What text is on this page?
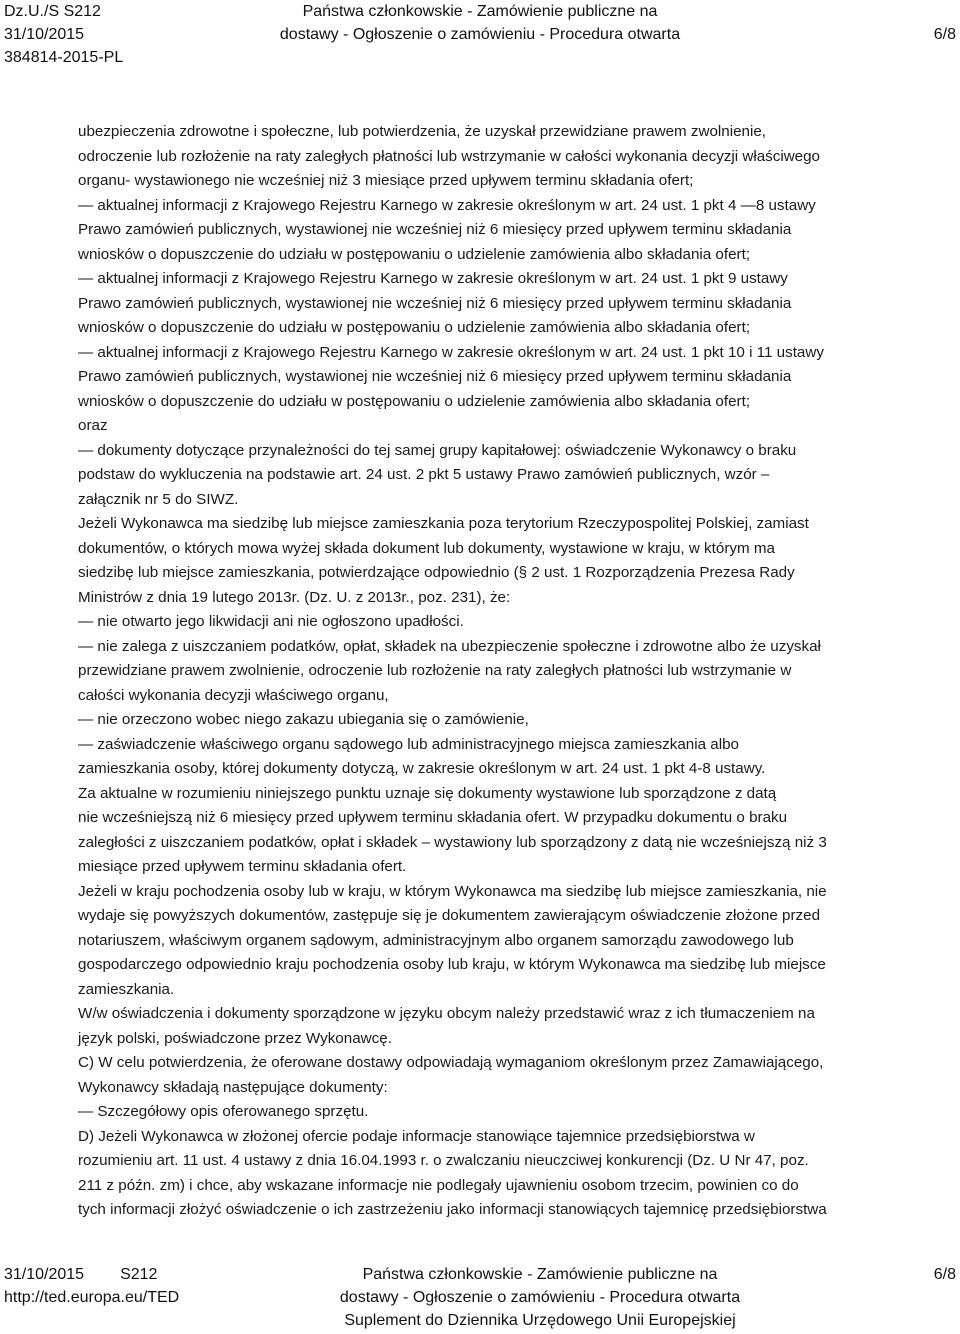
Dz.U./S S212
31/10/2015
384814-2015-PL
Państwa członkowskie - Zamówienie publiczne na
dostawy - Ogłoszenie o zamówieniu - Procedura otwarta	6/8
ubezpieczenia zdrowotne i społeczne, lub potwierdzenia, że uzyskał przewidziane prawem zwolnienie,
odroczenie lub rozłożenie na raty zaległych płatności lub wstrzymanie w całości wykonania decyzji właściwego
organu- wystawionego nie wcześniej niż 3 miesiące przed upływem terminu składania ofert;
— aktualnej informacji z Krajowego Rejestru Karnego w zakresie określonym w art. 24 ust. 1 pkt 4 —8 ustawy
Prawo zamówień publicznych, wystawionej nie wcześniej niż 6 miesięcy przed upływem terminu składania
wniosków o dopuszczenie do udziału w postępowaniu o udzielenie zamówienia albo składania ofert;
— aktualnej informacji z Krajowego Rejestru Karnego w zakresie określonym w art. 24 ust. 1 pkt 9 ustawy
Prawo zamówień publicznych, wystawionej nie wcześniej niż 6 miesięcy przed upływem terminu składania
wniosków o dopuszczenie do udziału w postępowaniu o udzielenie zamówienia albo składania ofert;
— aktualnej informacji z Krajowego Rejestru Karnego w zakresie określonym w art. 24 ust. 1 pkt 10 i 11 ustawy
Prawo zamówień publicznych, wystawionej nie wcześniej niż 6 miesięcy przed upływem terminu składania
wniosków o dopuszczenie do udziału w postępowaniu o udzielenie zamówienia albo składania ofert;
oraz
— dokumenty dotyczące przynależności do tej samej grupy kapitałowej: oświadczenie Wykonawcy o braku
podstaw do wykluczenia na podstawie art. 24 ust. 2 pkt 5 ustawy Prawo zamówień publicznych, wzór –
załącznik nr 5 do SIWZ.
Jeżeli Wykonawca ma siedzibę lub miejsce zamieszkania poza terytorium Rzeczypospolitej Polskiej, zamiast
dokumentów, o których mowa wyżej składa dokument lub dokumenty, wystawione w kraju, w którym ma
siedzibę lub miejsce zamieszkania, potwierdzające odpowiednio (§ 2 ust. 1 Rozporządzenia Prezesa Rady
Ministrów z dnia 19 lutego 2013r. (Dz. U. z 2013r., poz. 231), że:
— nie otwarto jego likwidacji ani nie ogłoszono upadłości.
— nie zalega z uiszczaniem podatków, opłat, składek na ubezpieczenie społeczne i zdrowotne albo że uzyskał
przewidziane prawem zwolnienie, odroczenie lub rozłożenie na raty zaległych płatności lub wstrzymanie w
całości wykonania decyzji właściwego organu,
— nie orzeczono wobec niego zakazu ubiegania się o zamówienie,
— zaświadczenie właściwego organu sądowego lub administracyjnego miejsca zamieszkania albo
zamieszkania osoby, której dokumenty dotyczą, w zakresie określonym w art. 24 ust. 1 pkt 4-8 ustawy.
Za aktualne w rozumieniu niniejszego punktu uznaje się dokumenty wystawione lub sporządzone z datą
nie wcześniejszą niż 6 miesięcy przed upływem terminu składania ofert. W przypadku dokumentu o braku
zaległości z uiszczaniem podatków, opłat i składek – wystawiony lub sporządzony z datą nie wcześniejszą niż 3
miesiące przed upływem terminu składania ofert.
Jeżeli w kraju pochodzenia osoby lub w kraju, w którym Wykonawca ma siedzibę lub miejsce zamieszkania, nie
wydaje się powyższych dokumentów, zastępuje się je dokumentem zawierającym oświadczenie złożone przed
notariuszem, właściwym organem sądowym, administracyjnym albo organem samorządu zawodowego lub
gospodarczego odpowiednio kraju pochodzenia osoby lub kraju, w którym Wykonawca ma siedzibę lub miejsce
zamieszkania.
W/w oświadczenia i dokumenty sporządzone w języku obcym należy przedstawić wraz z ich tłumaczeniem na
język polski, poświadczone przez Wykonawcę.
C) W celu potwierdzenia, że oferowane dostawy odpowiadają wymaganiom określonym przez Zamawiającego,
Wykonawcy składają następujące dokumenty:
— Szczegółowy opis oferowanego sprzętu.
D) Jeżeli Wykonawca w złożonej ofercie podaje informacje stanowiące tajemnice przedsiębiorstwa w
rozumieniu art. 11 ust. 4 ustawy z dnia 16.04.1993 r. o zwalczaniu nieuczciwej konkurencji (Dz. U Nr 47, poz.
211 z późn. zm) i chce, aby wskazane informacje nie podlegały ujawnieniu osobom trzecim, powinien co do
tych informacji złożyć oświadczenie o ich zastrzeżeniu jako informacji stanowiących tajemnicę przedsiębiorstwa
31/10/2015 S212
http://ted.europa.eu/TED
Państwa członkowskie - Zamówienie publiczne na
dostawy - Ogłoszenie o zamówieniu - Procedura otwarta
Suplement do Dziennika Urzędowego Unii Europejskiej
6/8
